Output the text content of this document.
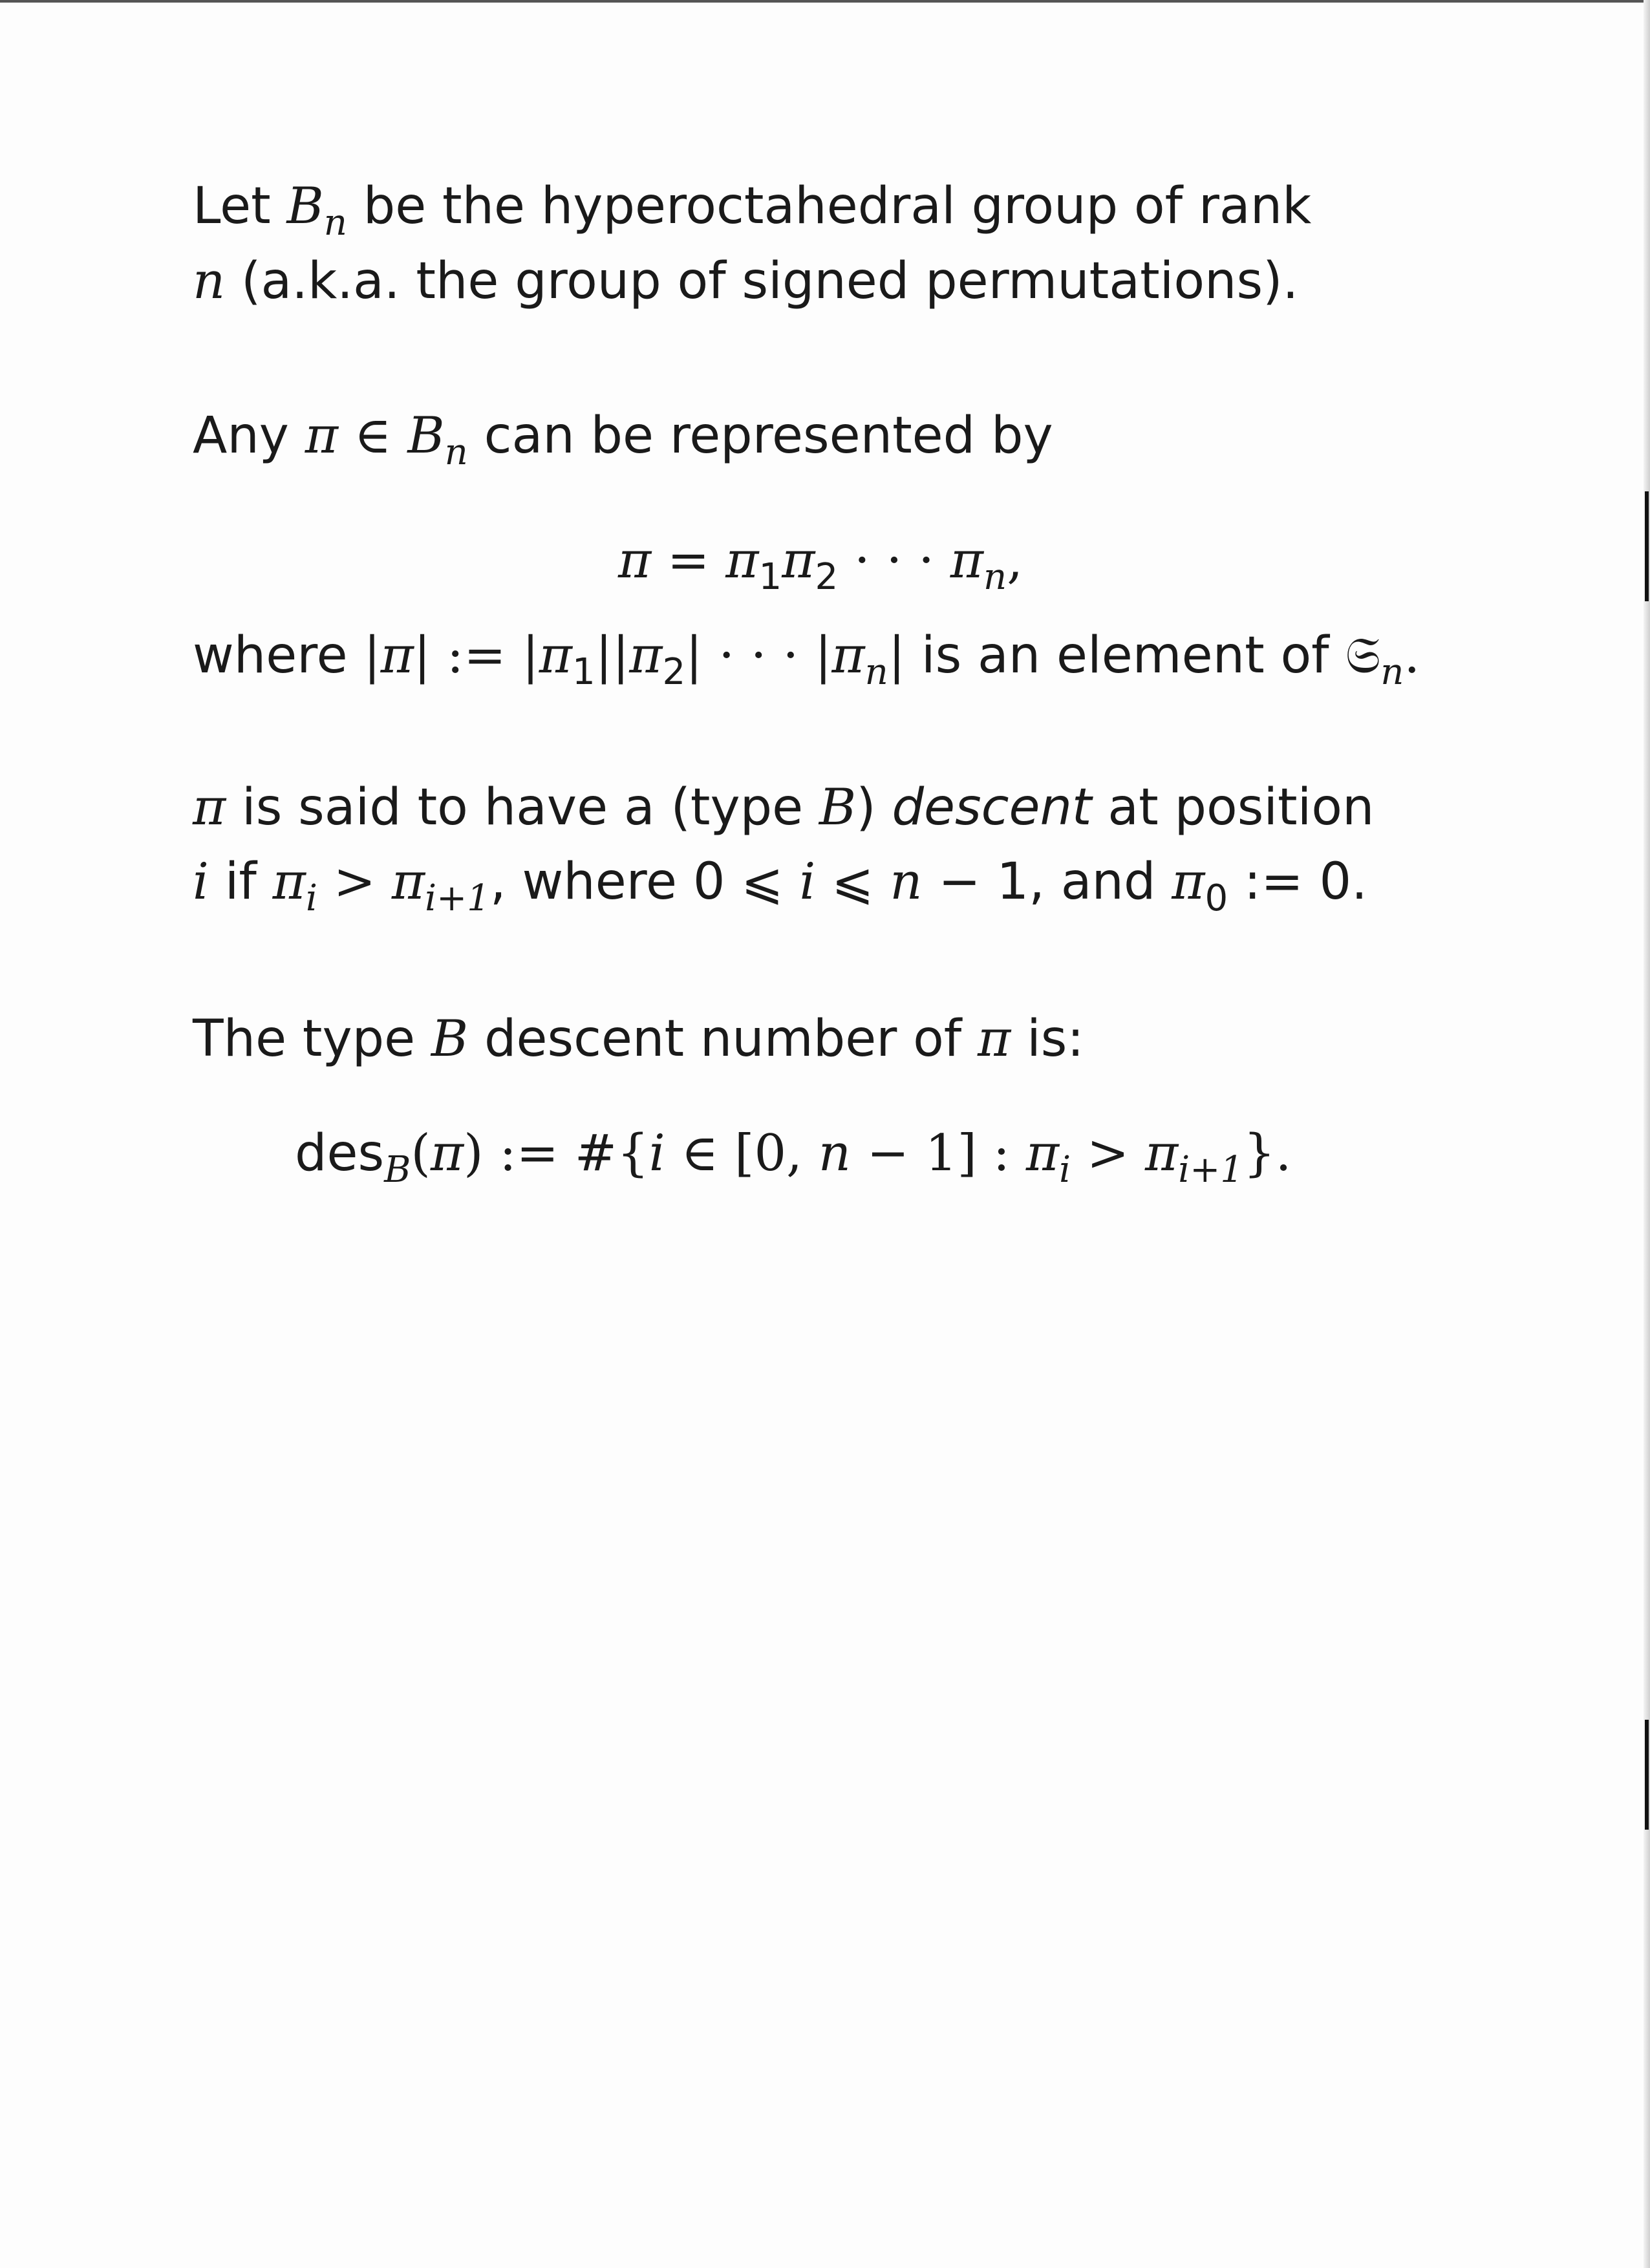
Let $B_n$ be the hyperoctahedral group of rank
n (a.k.a. the group of signed permutations).
Any π ∈ $B_n$ can be represented by
$\pi = \pi_1\pi_2$ · · · $\pi_n$,
where |π| := $|\pi_1||\pi_2|$ · · · $|\pi_n|$ is an element of 𝔖$_n$.
π is said to have a (type B) descent at position
i if $\pi_i > \pi_{i+1}$, where 0 ⩽ i ⩽ n − 1, and $\pi_0$ := 0.
The type B descent number of π is:
des$_B$(π) := #{i ∈ [0, n − 1] : $\pi_i > \pi_{i+1}$}.
